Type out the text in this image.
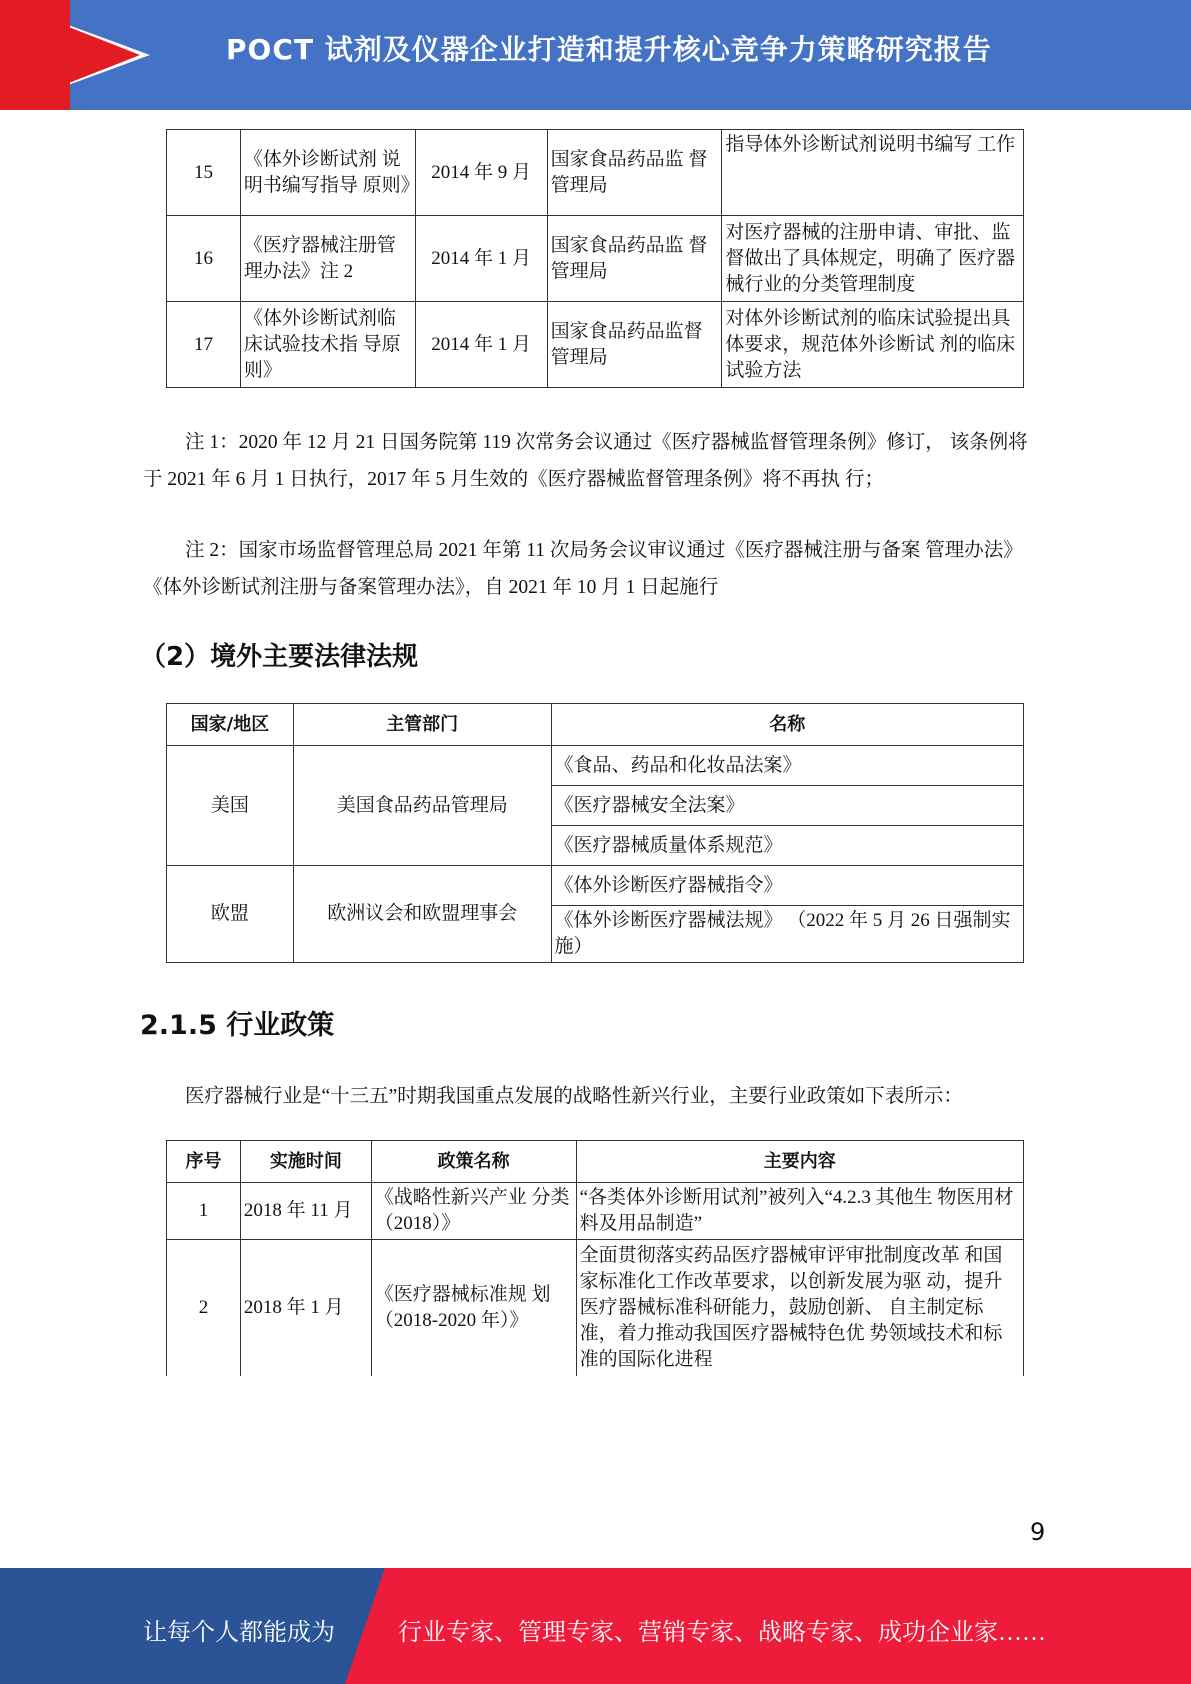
POCT 试剂及仪器企业打造和提升核心竞争力策略研究报告
15	《体外诊断试剂 说明书编写指导 原则》	2014 年 9 月	国家食品药品监 督管理局	指导体外诊断试剂说明书编写 工作
16	《医疗器械注册管理办法》注 2	2014 年 1 月	国家食品药品监 督管理局	对医疗器械的注册申请、审批、监督做出了具体规定，明确了 医疗器械行业的分类管理制度
17	《体外诊断试剂临床试验技术指 导原则》	2014 年 1 月	国家食品药品监督管理局	对体外诊断试剂的临床试验提出具体要求，规范体外诊断试 剂的临床试验方法
注 1：2020 年 12 月 21 日国务院第 119 次常务会议通过《医疗器械监督管理条例》修订， 该条例将于 2021 年 6 月 1 日执行，2017 年 5 月生效的《医疗器械监督管理条例》将不再执 行；
注 2：国家市场监督管理总局 2021 年第 11 次局务会议审议通过《医疗器械注册与备案 管理办法》《体外诊断试剂注册与备案管理办法》，自 2021 年 10 月 1 日起施行
（2）境外主要法律法规
国家/地区	主管部门	名称
美国	美国食品药品管理局	《食品、药品和化妆品法案》
		《医疗器械安全法案》
		《医疗器械质量体系规范》
欧盟	欧洲议会和欧盟理事会	《体外诊断医疗器械指令》
		《体外诊断医疗器械法规》 （2022 年 5 月 26 日强制实施）
2.1.5 行业政策
医疗器械行业是“十三五”时期我国重点发展的战略性新兴行业，主要行业政策如下表所示：
序号	实施时间	政策名称	主要内容
1	2018 年 11 月	《战略性新兴产业 分类（2018）》	“各类体外诊断用试剂”被列入“4.2.3 其他生 物医用材料及用品制造”
2	2018 年 1 月	《医疗器械标准规 划（2018-2020 年）》	全面贯彻落实药品医疗器械审评审批制度改革 和国家标准化工作改革要求，以创新发展为驱 动，提升医疗器械标准科研能力，鼓励创新、 自主制定标准，着力推动我国医疗器械特色优 势领域技术和标准的国际化进程
9
让每个人都能成为	行业专家、管理专家、营销专家、战略专家、成功企业家……
